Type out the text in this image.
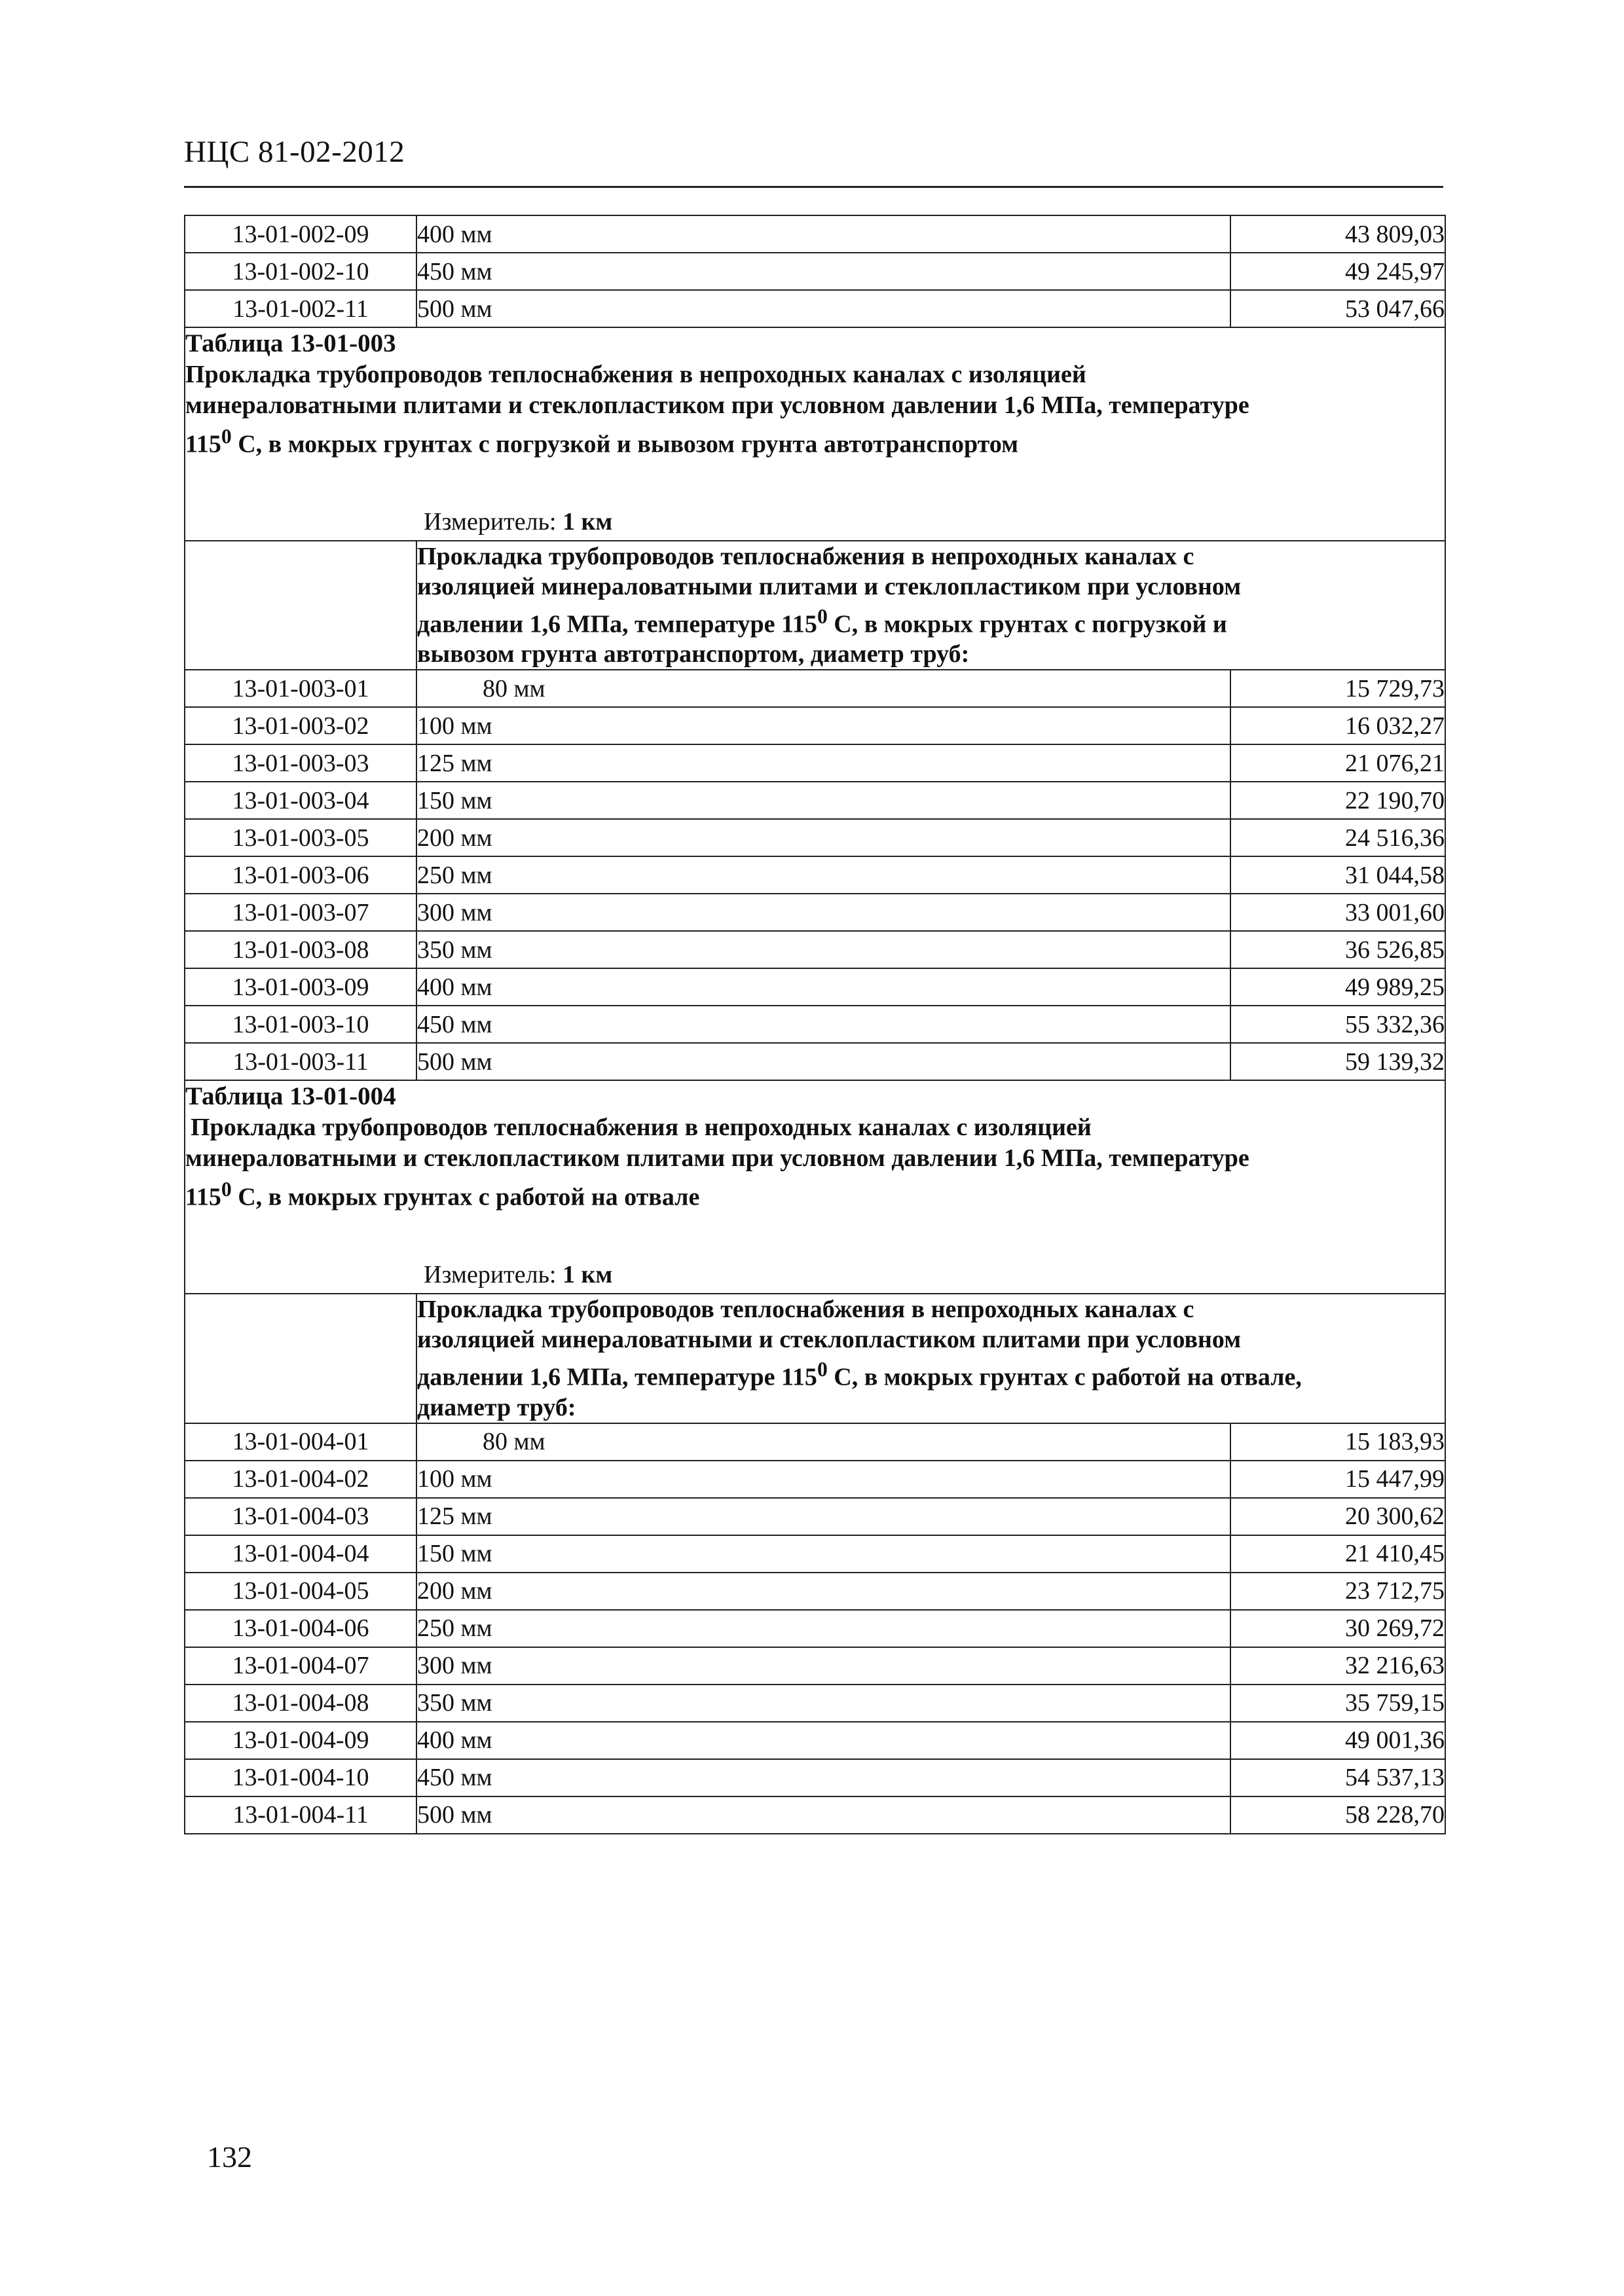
НЦС 81-02-2012
13-01-002-09	400 мм	43 809,03
13-01-002-10	450 мм	49 245,97
13-01-002-11	500 мм	53 047,66

Таблица 13-01-003
Прокладка трубопроводов теплоснабжения в непроходных каналах с изоляцией
минераловатными плитами и стеклопластиком при условном давлении 1,6 МПа, температуре
$115^0$ С, в мокрых грунтах с погрузкой и вывозом грунта автотранспортом
Измеритель: 1 км		

	Прокладка трубопроводов теплоснабжения в непроходных каналах с
изоляцией минераловатными плитами и стеклопластиком при условном
давлении 1,6 МПа, температуре $115^0$ С, в мокрых грунтах с погрузкой и
вывозом грунта автотранспортом, диаметр труб:	

13-01-003-01	80 мм	15 729,73
13-01-003-02	100 мм	16 032,27
13-01-003-03	125 мм	21 076,21
13-01-003-04	150 мм	22 190,70
13-01-003-05	200 мм	24 516,36
13-01-003-06	250 мм	31 044,58
13-01-003-07	300 мм	33 001,60
13-01-003-08	350 мм	36 526,85
13-01-003-09	400 мм	49 989,25
13-01-003-10	450 мм	55 332,36
13-01-003-11	500 мм	59 139,32

Таблица 13-01-004
Прокладка трубопроводов теплоснабжения в непроходных каналах с изоляцией
минераловатными и стеклопластиком плитами при условном давлении 1,6 МПа, температуре
$115^0$ С, в мокрых грунтах с работой на отвале
Измеритель: 1 км		

	Прокладка трубопроводов теплоснабжения в непроходных каналах с
изоляцией минераловатными и стеклопластиком плитами при условном
давлении 1,6 МПа, температуре $115^0$ С, в мокрых грунтах с работой на отвале,
диаметр труб:	

13-01-004-01	80 мм	15 183,93
13-01-004-02	100 мм	15 447,99
13-01-004-03	125 мм	20 300,62
13-01-004-04	150 мм	21 410,45
13-01-004-05	200 мм	23 712,75
13-01-004-06	250 мм	30 269,72
13-01-004-07	300 мм	32 216,63
13-01-004-08	350 мм	35 759,15
13-01-004-09	400 мм	49 001,36
13-01-004-10	450 мм	54 537,13
13-01-004-11	500 мм	58 228,70
132
